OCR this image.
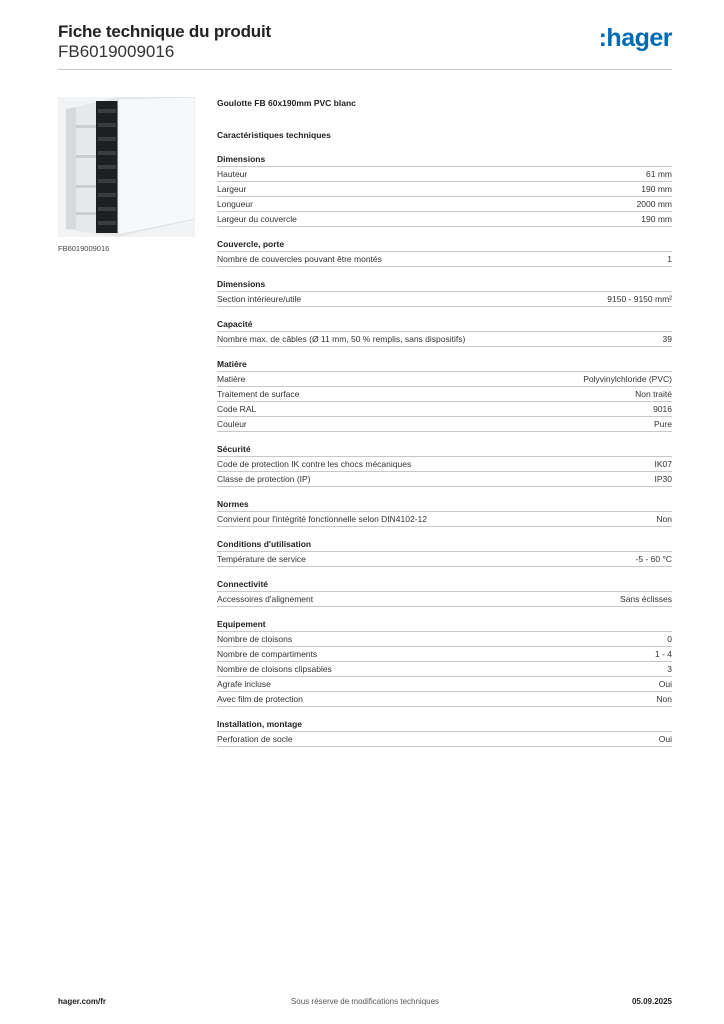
Fiche technique du produit
FB6019009016	:hager
FB6019009016
Goulotte FB 60x190mm PVC blanc
Caractéristiques techniques
Dimensions
Hauteur	61 mm
Largeur	190 mm
Longueur	2000 mm
Largeur du couvercle	190 mm
Couvercle, porte
Nombre de couvercles pouvant être montés	1
Dimensions
Section intérieure/utile	9150 - 9150 mm²
Capacité
Nombre max. de câbles (Ø 11 mm, 50 % remplis, sans dispositifs)	39
Matière
Matière	Polyvinylchloride (PVC)
Traitement de surface	Non traité
Code RAL	9016
Couleur	Pure
Sécurité
Code de protection IK contre les chocs mécaniques	IK07
Classe de protection (IP)	IP30
Normes
Convient pour l'intégrité fonctionnelle selon DIN4102-12	Non
Conditions d'utilisation
Température de service	-5 - 60 °C
Connectivité
Accessoires d'alignement	Sans éclisses
Equipement
Nombre de cloisons	0
Nombre de compartiments	1 - 4
Nombre de cloisons clipsables	3
Agrafe incluse	Oui
Avec film de protection	Non
Installation, montage
Perforation de socle	Oui
hager.com/fr	Sous réserve de modifications techniques	05.09.2025
